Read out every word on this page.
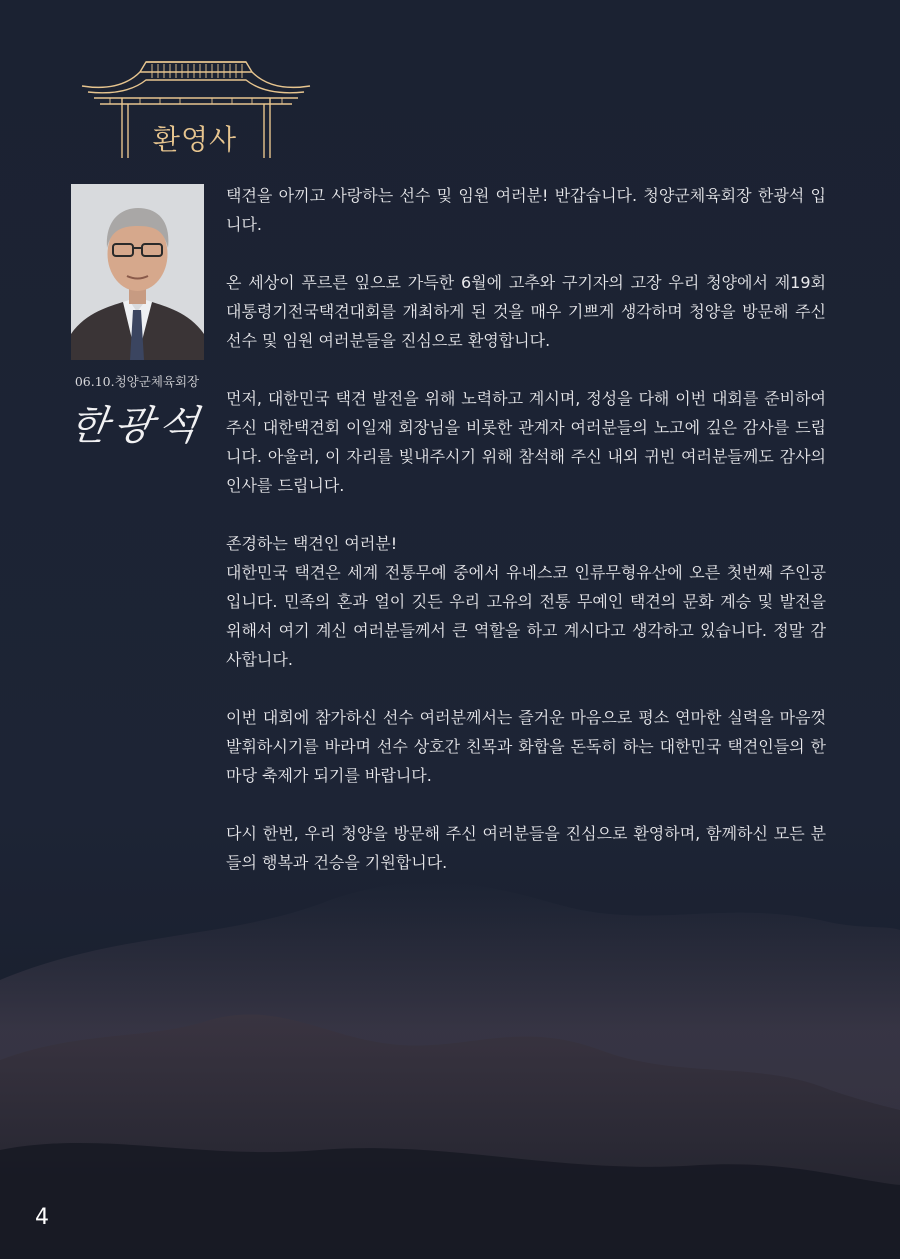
환영사
06.10.청양군체육회장
한광석

택견을 아끼고 사랑하는 선수 및 임원 여러분! 반갑습니다. 청양군체육회장 한광석 입니다.

온 세상이 푸르른 잎으로 가득한 6월에 고추와 구기자의 고장 우리 청양에서 제19회 대통령기전국택견대회를 개최하게 된 것을 매우 기쁘게 생각하며 청양을 방문해 주신 선수 및 임원 여러분들을 진심으로 환영합니다.

먼저, 대한민국 택견 발전을 위해 노력하고 계시며, 정성을 다해 이번 대회를 준비하여 주신 대한택견회 이일재 회장님을 비롯한 관계자 여러분들의 노고에 깊은 감사를 드립니다. 아울러, 이 자리를 빛내주시기 위해 참석해 주신 내외 귀빈 여러분들께도 감사의 인사를 드립니다.

존경하는 택견인 여러분!
대한민국 택견은 세계 전통무예 중에서 유네스코 인류무형유산에 오른 첫번째 주인공입니다. 민족의 혼과 얼이 깃든 우리 고유의 전통 무예인 택견의 문화 계승 및 발전을 위해서 여기 계신 여러분들께서 큰 역할을 하고 계시다고 생각하고 있습니다. 정말 감사합니다.

이번 대회에 참가하신 선수 여러분께서는 즐거운 마음으로 평소 연마한 실력을 마음껏 발휘하시기를 바라며 선수 상호간 친목과 화합을 돈독히 하는 대한민국 택견인들의 한마당 축제가 되기를 바랍니다.

다시 한번, 우리 청양을 방문해 주신 여러분들을 진심으로 환영하며, 함께하신 모든 분들의 행복과 건승을 기원합니다.

4
